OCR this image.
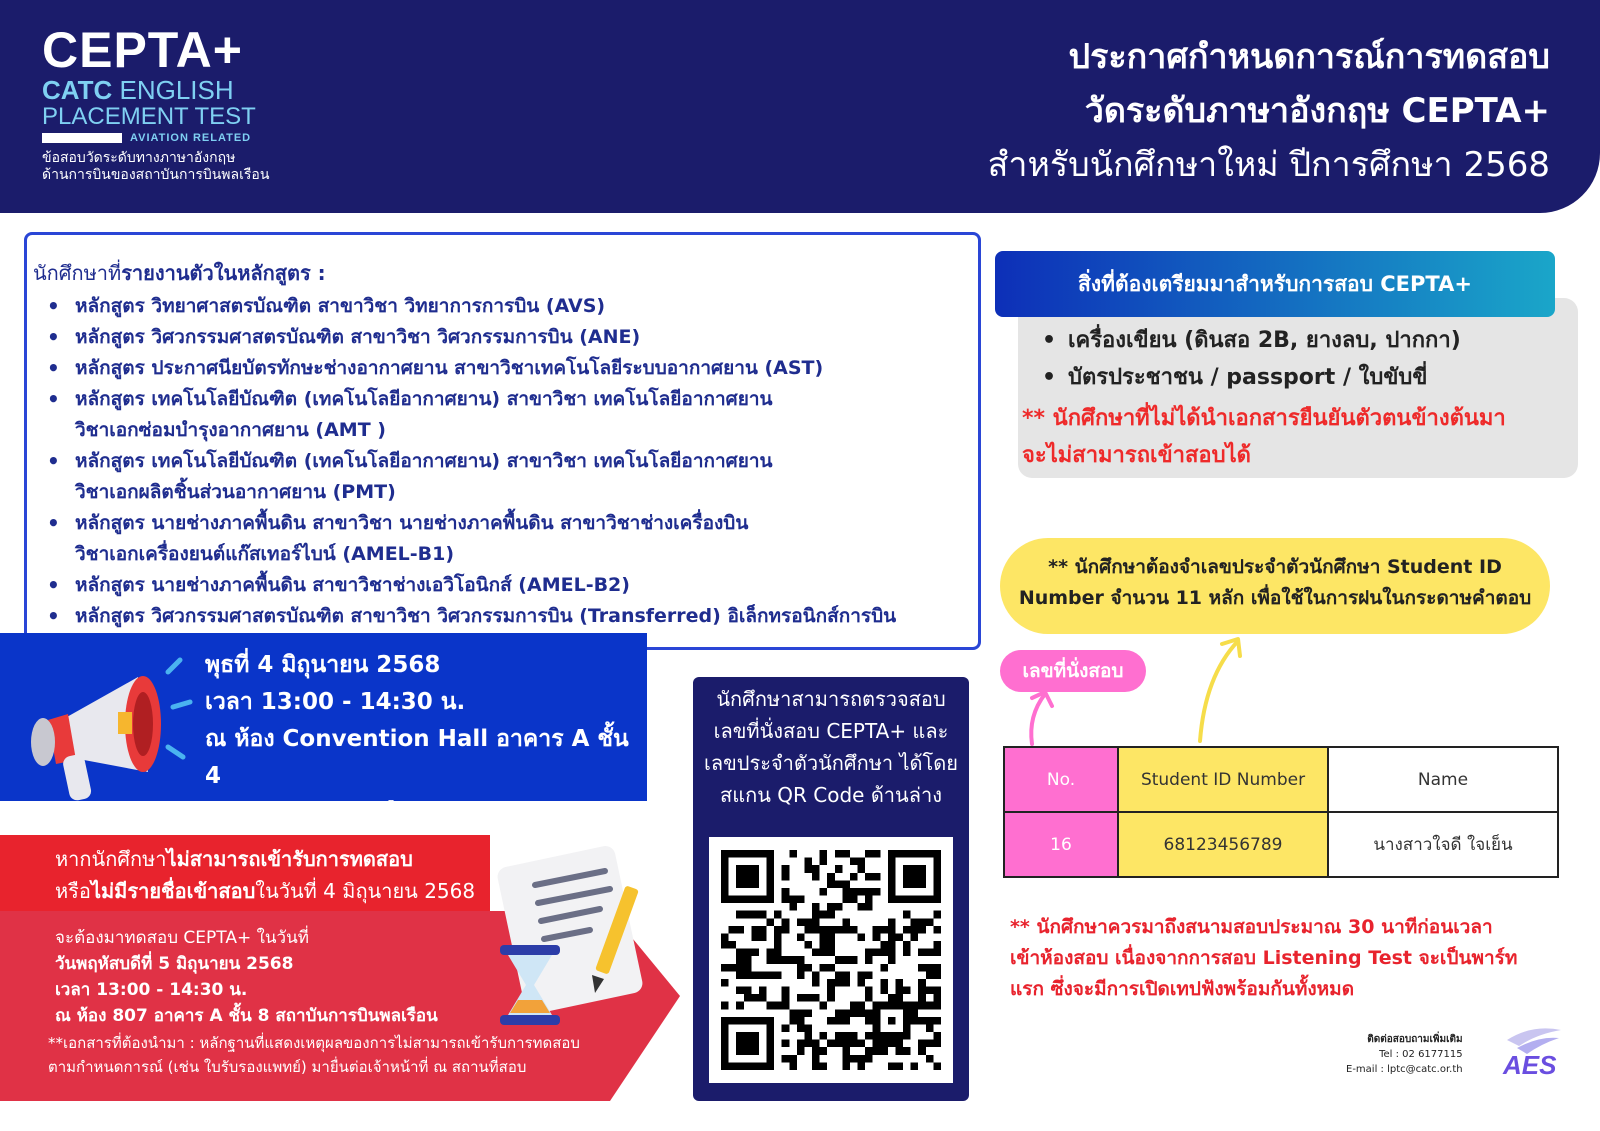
CEPTA+
CATC ENGLISH
PLACEMENT TEST
AVIATION RELATED
ข้อสอบวัดระดับทางภาษาอังกฤษ
ด้านการบินของสถาบันการบินพลเรือน
ประกาศกำหนดการณ์การทดสอบ
วัดระดับภาษาอังกฤษ CEPTA+
สำหรับนักศึกษาใหม่ ปีการศึกษา 2568
นักศึกษาที่รายงานตัวในหลักสูตร :
• หลักสูตร วิทยาศาสตรบัณฑิต สาขาวิชา วิทยาการการบิน (AVS)
• หลักสูตร วิศวกรรมศาสตรบัณฑิต สาขาวิชา วิศวกรรมการบิน (ANE)
• หลักสูตร ประกาศนียบัตรทักษะช่างอากาศยาน สาขาวิชาเทคโนโลยีระบบอากาศยาน (AST)
• หลักสูตร เทคโนโลยีบัณฑิต (เทคโนโลยีอากาศยาน) สาขาวิชา เทคโนโลยีอากาศยาน
วิชาเอกซ่อมบำรุงอากาศยาน (AMT )
• หลักสูตร เทคโนโลยีบัณฑิต (เทคโนโลยีอากาศยาน) สาขาวิชา เทคโนโลยีอากาศยาน
วิชาเอกผลิตชิ้นส่วนอากาศยาน (PMT)
• หลักสูตร นายช่างภาคพื้นดิน สาขาวิชา นายช่างภาคพื้นดิน สาขาวิชาช่างเครื่องบิน
วิชาเอกเครื่องยนต์แก๊สเทอร์ไบน์ (AMEL-B1)
• หลักสูตร นายช่างภาคพื้นดิน สาขาวิชาช่างเอวิโอนิกส์ (AMEL-B2)
• หลักสูตร วิศวกรรมศาสตรบัณฑิต สาขาวิชา วิศวกรรมการบิน (Transferred) อิเล็กทรอนิกส์การบิน
พุธที่ 4 มิถุนายน 2568
เวลา 13:00 - 14:30 น.
ณ ห้อง Convention Hall อาคาร A ชั้น 4
สถาบันการบินพลเรือน
นักศึกษาสามารถตรวจสอบ
เลขที่นั่งสอบ CEPTA+ และ
เลขประจำตัวนักศึกษา ได้โดย
สแกน QR Code ด้านล่าง
หากนักศึกษาไม่สามารถเข้ารับการทดสอบ
หรือไม่มีรายชื่อเข้าสอบในวันที่ 4 มิถุนายน 2568
จะต้องมาทดสอบ CEPTA+ ในวันที่
วันพฤหัสบดีที่ 5 มิถุนายน 2568
เวลา 13:00 - 14:30 น.
ณ ห้อง 807 อาคาร A ชั้น 8 สถาบันการบินพลเรือน
**เอกสารที่ต้องนำมา : หลักฐานที่แสดงเหตุผลของการไม่สามารถเข้ารับการทดสอบ
ตามกำหนดการณ์ (เช่น ใบรับรองแพทย์) มายื่นต่อเจ้าหน้าที่ ณ สถานที่สอบ
สิ่งที่ต้องเตรียมมาสำหรับการสอบ CEPTA+
• เครื่องเขียน (ดินสอ 2B, ยางลบ, ปากกา)
• บัตรประชาชน / passport / ใบขับขี่
** นักศึกษาที่ไม่ได้นำเอกสารยืนยันตัวตนข้างต้นมา
จะไม่สามารถเข้าสอบได้
** นักศึกษาต้องจำเลขประจำตัวนักศึกษา Student ID
Number จำนวน 11 หลัก เพื่อใช้ในการฝนในกระดาษคำตอบ
เลขที่นั่งสอบ
No.	Student ID Number	Name
16	68123456789	นางสาวใจดี ใจเย็น
** นักศึกษาควรมาถึงสนามสอบประมาณ 30 นาทีก่อนเวลา
เข้าห้องสอบ เนื่องจากการสอบ Listening Test จะเป็นพาร์ท
แรก ซึ่งจะมีการเปิดเทปฟังพร้อมกันทั้งหมด
ติดต่อสอบถามเพิ่มเติม
Tel : 02 6177115
E-mail : lptc@catc.or.th AES
